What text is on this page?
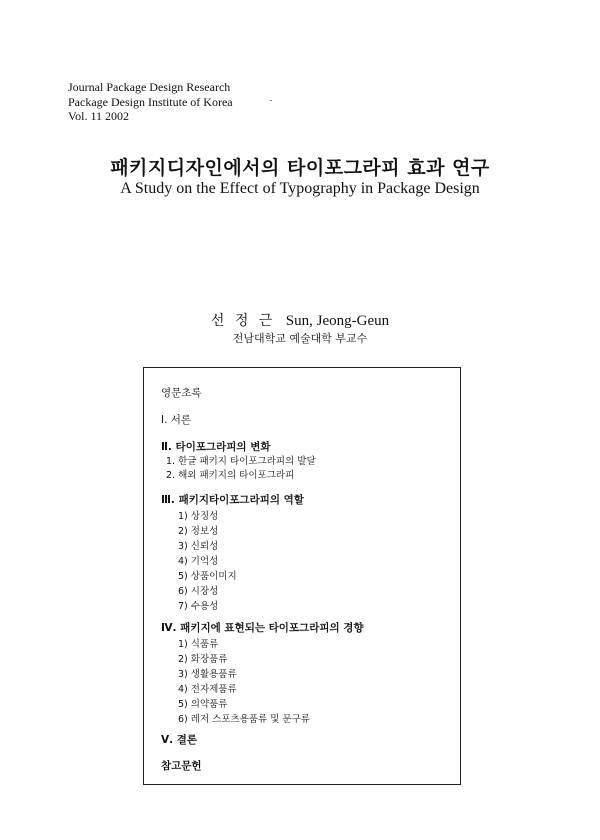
Journal Package Design Research
Package Design Institute of Korea
Vol. 11 2002
패키지디자인에서의 타이포그라피 효과 연구
A Study on the Effect of Typography in Package Design
선 정 근 Sun, Jeong-Geun
전남대학교 예술대학 부교수
영문초록
I. 서론
Ⅱ. 타이포그라피의 변화
1. 한글 패키지 타이포그라피의 발달
2. 해외 패키지의 타이포그라피
Ⅲ. 패키지타이포그라피의 역할
1) 상징성
2) 정보성
3) 신뢰성
4) 기억성
5) 상품이미지
6) 시장성
7) 수용성
Ⅳ. 패키지에 표현되는 타이포그라피의 경향
1) 식품류
2) 화장품류
3) 생활용품류
4) 전자제품류
5) 의약품류
6) 레저 스포츠용품류 및 문구류
Ⅴ. 결론
참고문헌
